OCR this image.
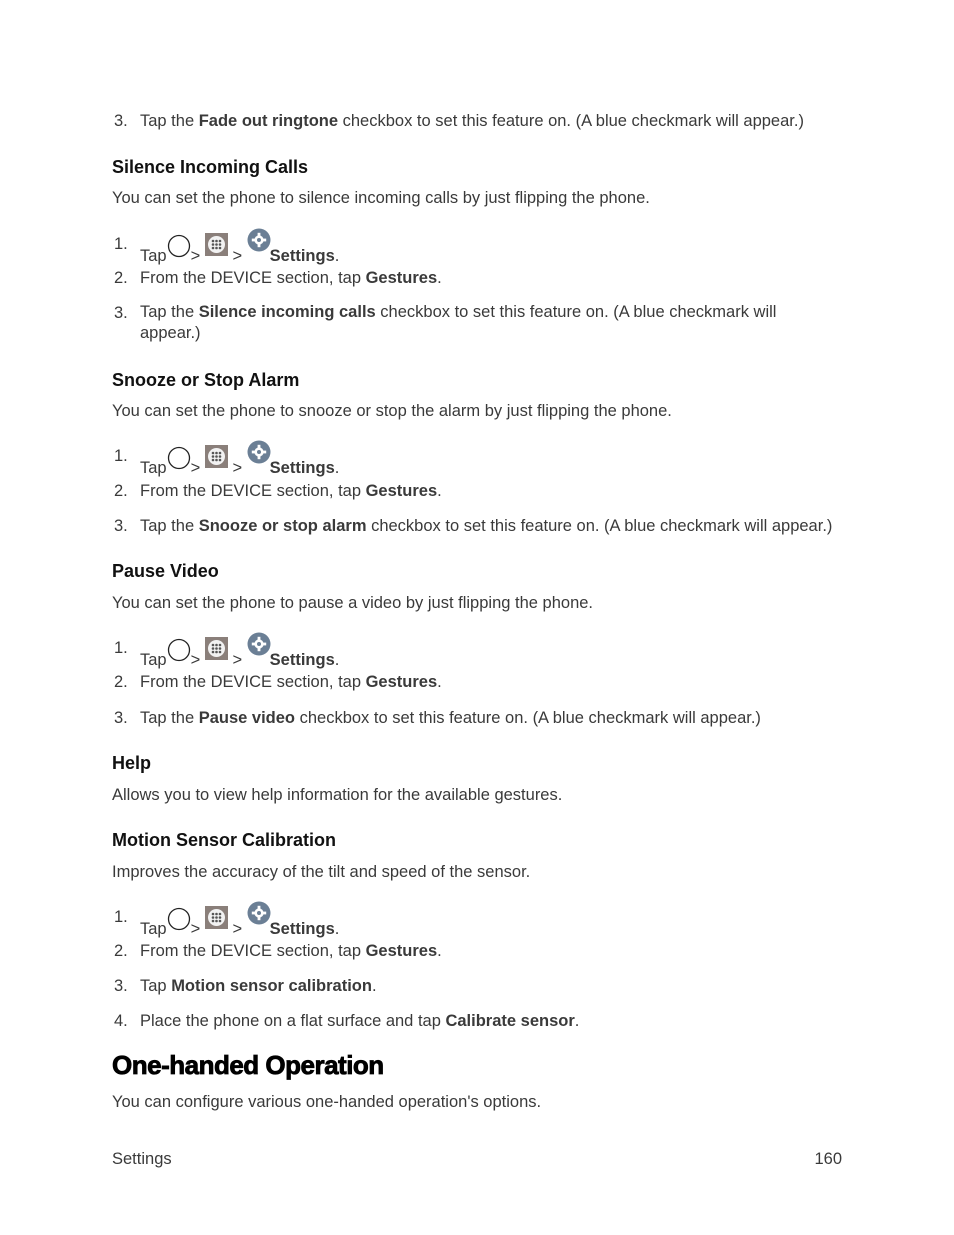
3. Tap the Fade out ringtone checkbox to set this feature on. (A blue checkmark will appear.)
Silence Incoming Calls
You can set the phone to silence incoming calls by just flipping the phone.
1.
Tap > > Settings.
2. From the DEVICE section, tap Gestures.
3. Tap the Silence incoming calls checkbox to set this feature on. (A blue checkmark will appear.)
Snooze or Stop Alarm
You can set the phone to snooze or stop the alarm by just flipping the phone.
1.
Tap > > Settings.
2. From the DEVICE section, tap Gestures.
3. Tap the Snooze or stop alarm checkbox to set this feature on. (A blue checkmark will appear.)
Pause Video
You can set the phone to pause a video by just flipping the phone.
1.
Tap > > Settings.
2. From the DEVICE section, tap Gestures.
3. Tap the Pause video checkbox to set this feature on. (A blue checkmark will appear.)
Help
Allows you to view help information for the available gestures.
Motion Sensor Calibration
Improves the accuracy of the tilt and speed of the sensor.
1.
Tap > > Settings.
2. From the DEVICE section, tap Gestures.
3. Tap Motion sensor calibration.
4. Place the phone on a flat surface and tap Calibrate sensor.
One-handed Operation
You can configure various one-handed operation's options.
Settings	160
